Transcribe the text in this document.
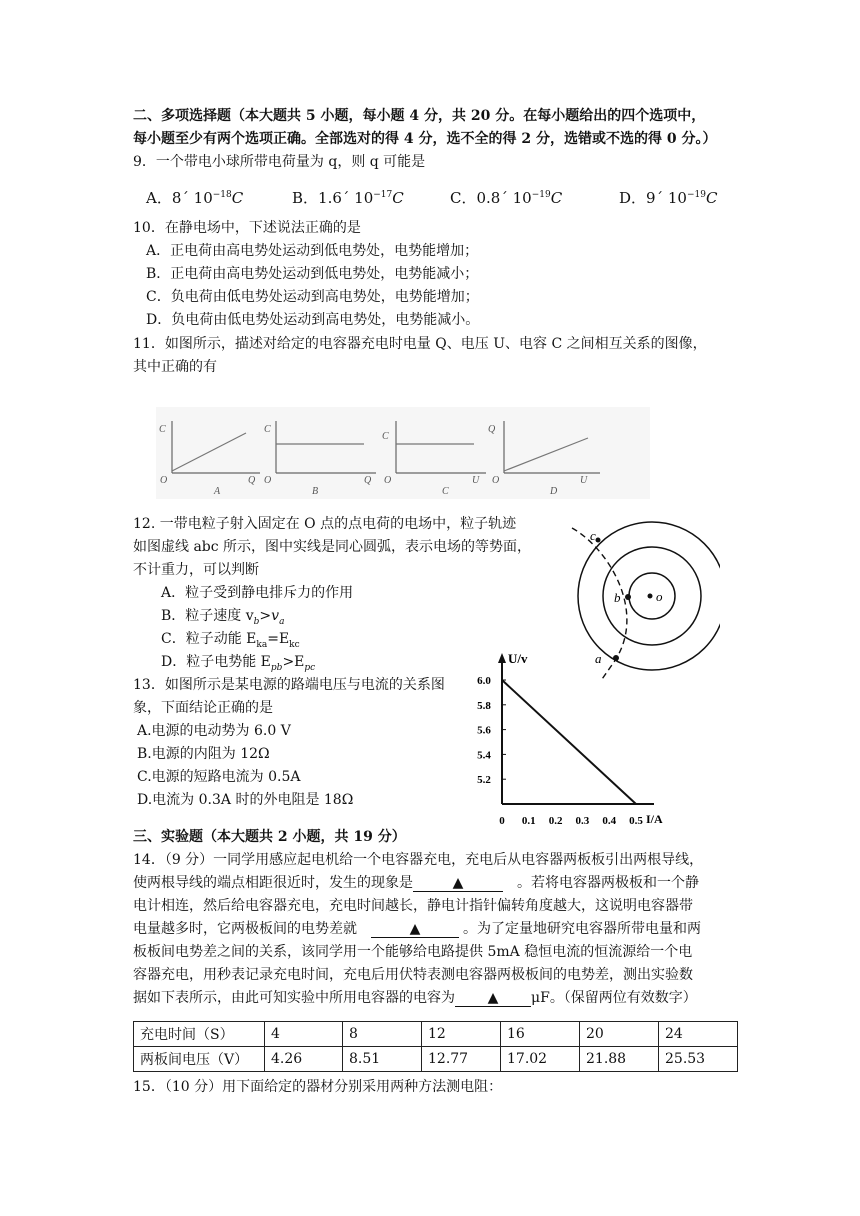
二、多项选择题（本大题共 5 小题，每小题 4 分，共 20 分。在每小题给出的四个选项中，
每小题至少有两个选项正确。全部选对的得 4 分，选不全的得 2 分，选错或不选的得 0 分。）
9．一个带电小球所带电荷量为 q，则 q 可能是
A．8´ $10^{-18}C$	B．1.6´ $10^{-17}C$	C．0.8´ $10^{-19}C$	D．9´ $10^{-19}C$
10．在静电场中，下述说法正确的是
A．正电荷由高电势处运动到低电势处，电势能增加；
B．正电荷由高电势处运动到低电势处，电势能减小；
C．负电荷由低电势处运动到高电势处，电势能增加；
D．负电荷由低电势处运动到高电势处，电势能减小。
11．如图所示，描述对给定的电容器充电时电量 Q、电压 U、电容 C 之间相互关系的图像，
其中正确的有
C
O	Q
A
C
O	Q
B
C
O	U
C
Q
O	U
D
12. 一带电粒子射入固定在 O 点的点电荷的电场中，粒子轨迹
如图虚线 abc 所示，图中实线是同心圆弧，表示电场的等势面，
不计重力，可以判断
A．粒子受到静电排斥力的作用
B．粒子速度 $v_b>v_a$
C．粒子动能 $E_{ka}=E_{kc}$
D．粒子电势能 $E_{pb}>E_{pc}$
c
b	o
a
13．如图所示是某电源的路端电压与电流的关系图
象，下面结论正确的是
A.电源的电动势为 6.0 V
B.电源的内阻为 12Ω
C.电源的短路电流为 0.5A
D.电流为 0.3A 时的外电阻是 18Ω
5.2
5.4
5.6
5.8
6.0
0 0.1 0.2 0.3 0.4 0.5
U/v
I/A
三、实验题（本大题共 2 小题，共 19 分）
14．（9 分）一同学用感应起电机给一个电容器充电，充电后从电容器两板板引出两根导线，
使两根导线的端点相距很近时，发生的现象是	▲	。若将电容器两极板和一个静
电计相连，然后给电容器充电，充电时间越长，静电计指针偏转角度越大，这说明电容器带
电量越多时，它两极板间的电势差就	▲	。为了定量地研究电容器所带电量和两
板板间电势差之间的关系，该同学用一个能够给电路提供 5mA 稳恒电流的恒流源给一个电
容器充电，用秒表记录充电时间，充电后用伏特表测电容器两极板间的电势差，测出实验数
据如下表所示，由此可知实验中所用电容器的电容为 ▲ μF。（保留两位有效数字）
充电时间（S）	4	8	12	16	20	24
两板间电压（V）	4.26	8.51	12.77	17.02	21.88	25.53
15．（10 分）用下面给定的器材分别采用两种方法测电阻：
